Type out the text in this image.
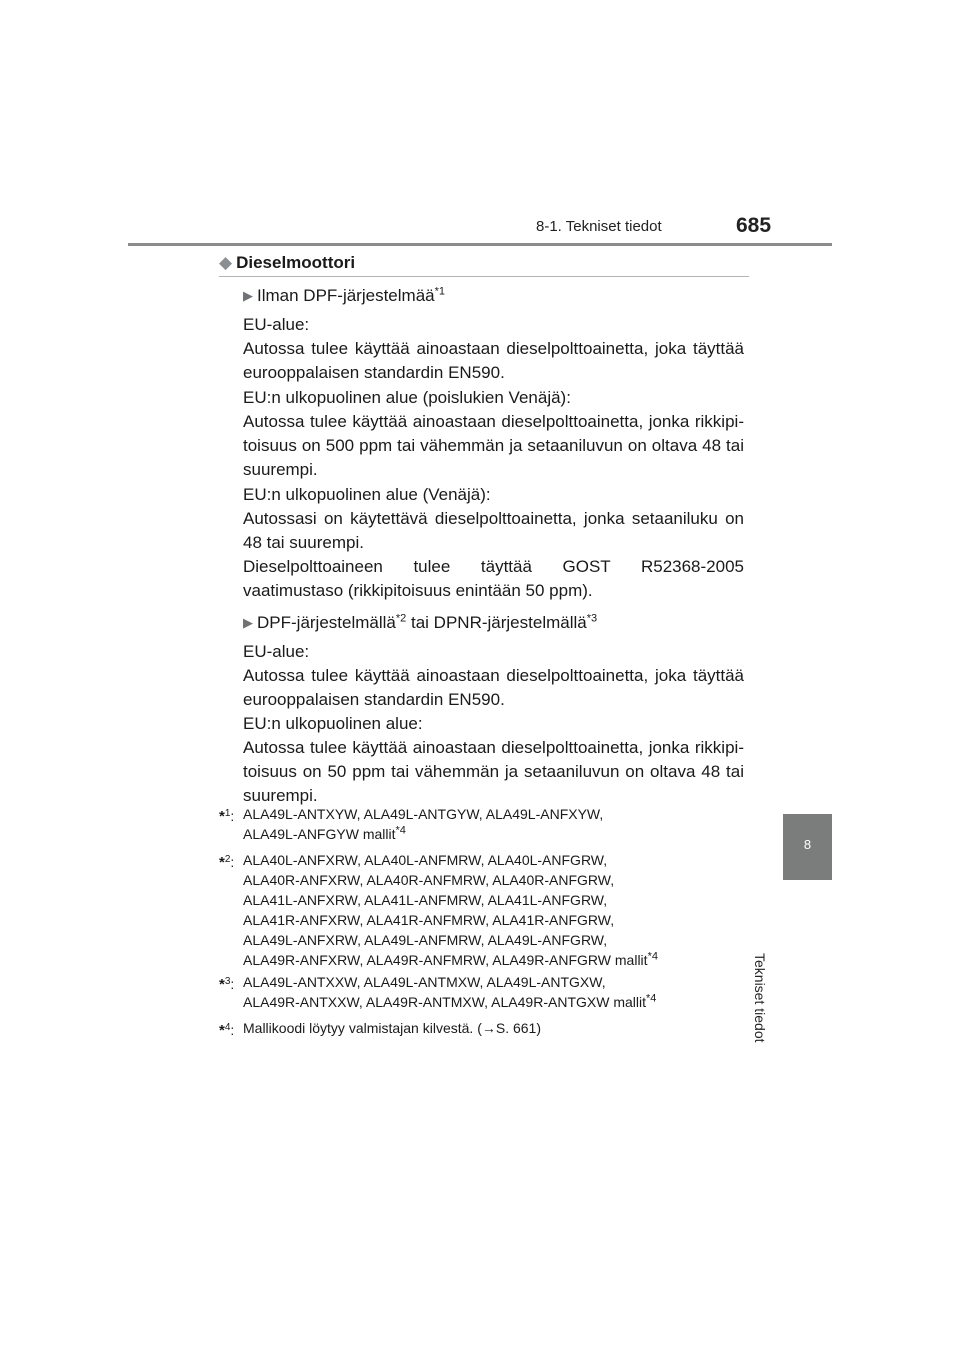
8-1. Tekniset tiedot	685
8
Tekniset tiedot
◆ Dieselmoottori
▶ Ilman DPF-järjestelmää$^{*1}$

EU-alue:

Autossa tulee käyttää ainoastaan dieselpolttoainetta, joka täyttää eurooppalaisen standardin EN590.

EU:n ulkopuolinen alue (poislukien Venäjä):

Autossa tulee käyttää ainoastaan dieselpolttoainetta, jonka rikkipitoisuus on 500 ppm tai vähemmän ja setaaniluvun on oltava 48 tai suurempi.

EU:n ulkopuolinen alue (Venäjä):

Autossasi on käytettävä dieselpolttoainetta, jonka setaaniluku on 48 tai suurempi.

Dieselpolttoaineen tulee täyttää GOST R52368-2005 vaatimustaso (rikkipitoisuus enintään 50 ppm).

▶ DPF-järjestelmällä$^{*2}$ tai DPNR-järjestelmällä$^{*3}$

EU-alue:

Autossa tulee käyttää ainoastaan dieselpolttoainetta, joka täyttää eurooppalaisen standardin EN590.

EU:n ulkopuolinen alue:

Autossa tulee käyttää ainoastaan dieselpolttoainetta, jonka rikkipitoisuus on 50 ppm tai vähemmän ja setaaniluvun on oltava 48 tai suurempi.

*$^1$: ALA49L-ANTXYW, ALA49L-ANTGYW, ALA49L-ANFXYW,
ALA49L-ANFGYW mallit$^{*4}$
*$^2$: ALA40L-ANFXRW, ALA40L-ANFMRW, ALA40L-ANFGRW,
ALA40R-ANFXRW, ALA40R-ANFMRW, ALA40R-ANFGRW,
ALA41L-ANFXRW, ALA41L-ANFMRW, ALA41L-ANFGRW,
ALA41R-ANFXRW, ALA41R-ANFMRW, ALA41R-ANFGRW,
ALA49L-ANFXRW, ALA49L-ANFMRW, ALA49L-ANFGRW,
ALA49R-ANFXRW, ALA49R-ANFMRW, ALA49R-ANFGRW mallit$^{*4}$
*$^3$: ALA49L-ANTXXW, ALA49L-ANTMXW, ALA49L-ANTGXW,
ALA49R-ANTXXW, ALA49R-ANTMXW, ALA49R-ANTGXW mallit$^{*4}$
*$^4$: Mallikoodi löytyy valmistajan kilvestä. (→S. 661)
